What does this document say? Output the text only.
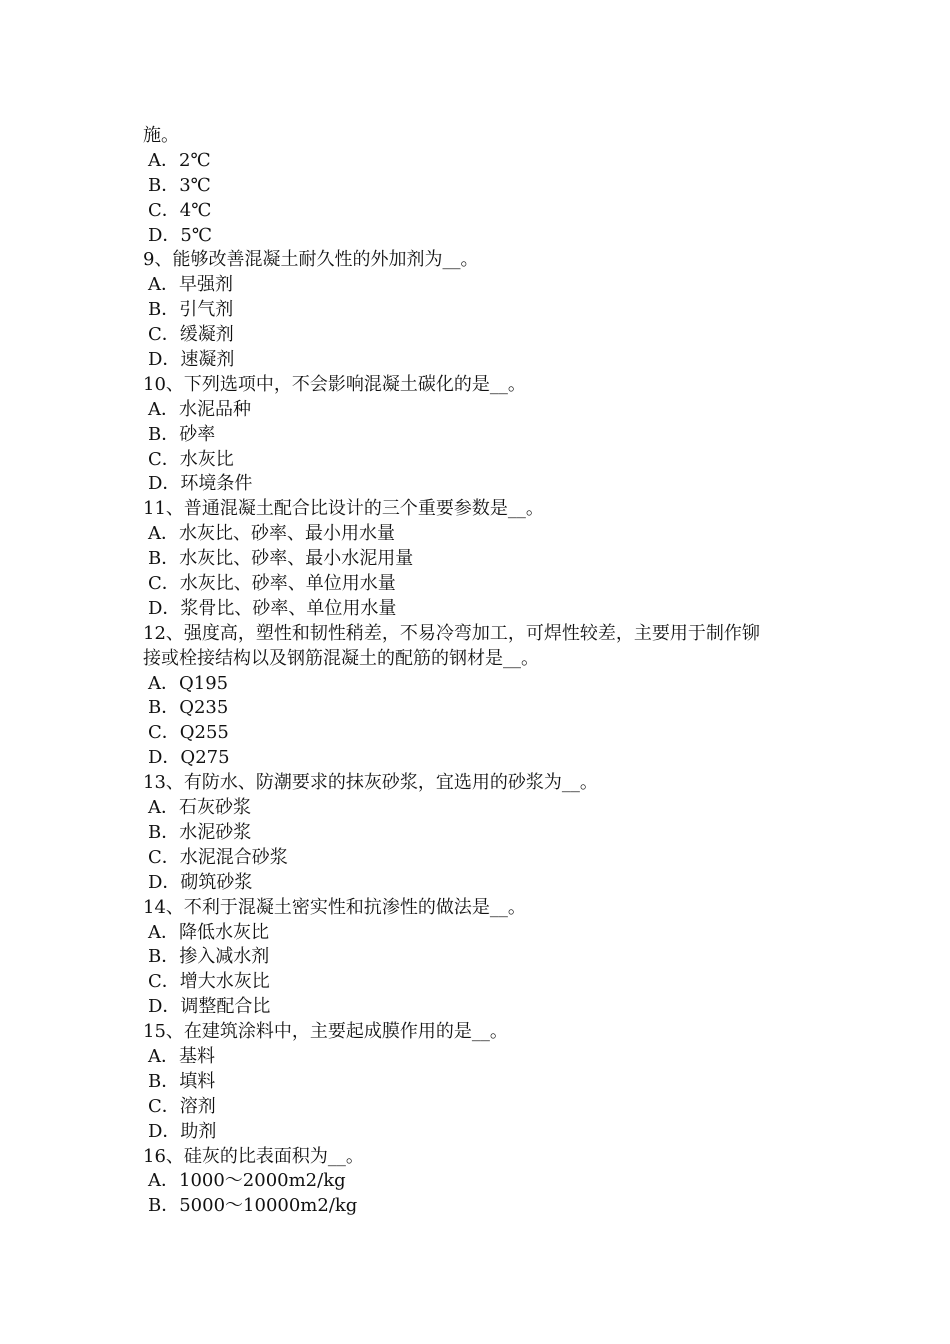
施。
A．2℃
B．3℃
C．4℃
D．5℃
9、能够改善混凝土耐久性的外加剂为__。
A．早强剂
B．引气剂
C．缓凝剂
D．速凝剂
10、下列选项中，不会影响混凝土碳化的是__。
A．水泥品种
B．砂率
C．水灰比
D．环境条件
11、普通混凝土配合比设计的三个重要参数是__。
A．水灰比、砂率、最小用水量
B．水灰比、砂率、最小水泥用量
C．水灰比、砂率、单位用水量
D．浆骨比、砂率、单位用水量
12、强度高，塑性和韧性稍差，不易冷弯加工，可焊性较差，主要用于制作铆
接或栓接结构以及钢筋混凝土的配筋的钢材是__。
A．Q195
B．Q235
C．Q255
D．Q275
13、有防水、防潮要求的抹灰砂浆，宜选用的砂浆为__。
A．石灰砂浆
B．水泥砂浆
C．水泥混合砂浆
D．砌筑砂浆
14、不利于混凝土密实性和抗渗性的做法是__。
A．降低水灰比
B．掺入减水剂
C．增大水灰比
D．调整配合比
15、在建筑涂料中，主要起成膜作用的是__。
A．基料
B．填料
C．溶剂
D．助剂
16、硅灰的比表面积为__。
A．1000～2000m2/kg
B．5000～10000m2/kg
